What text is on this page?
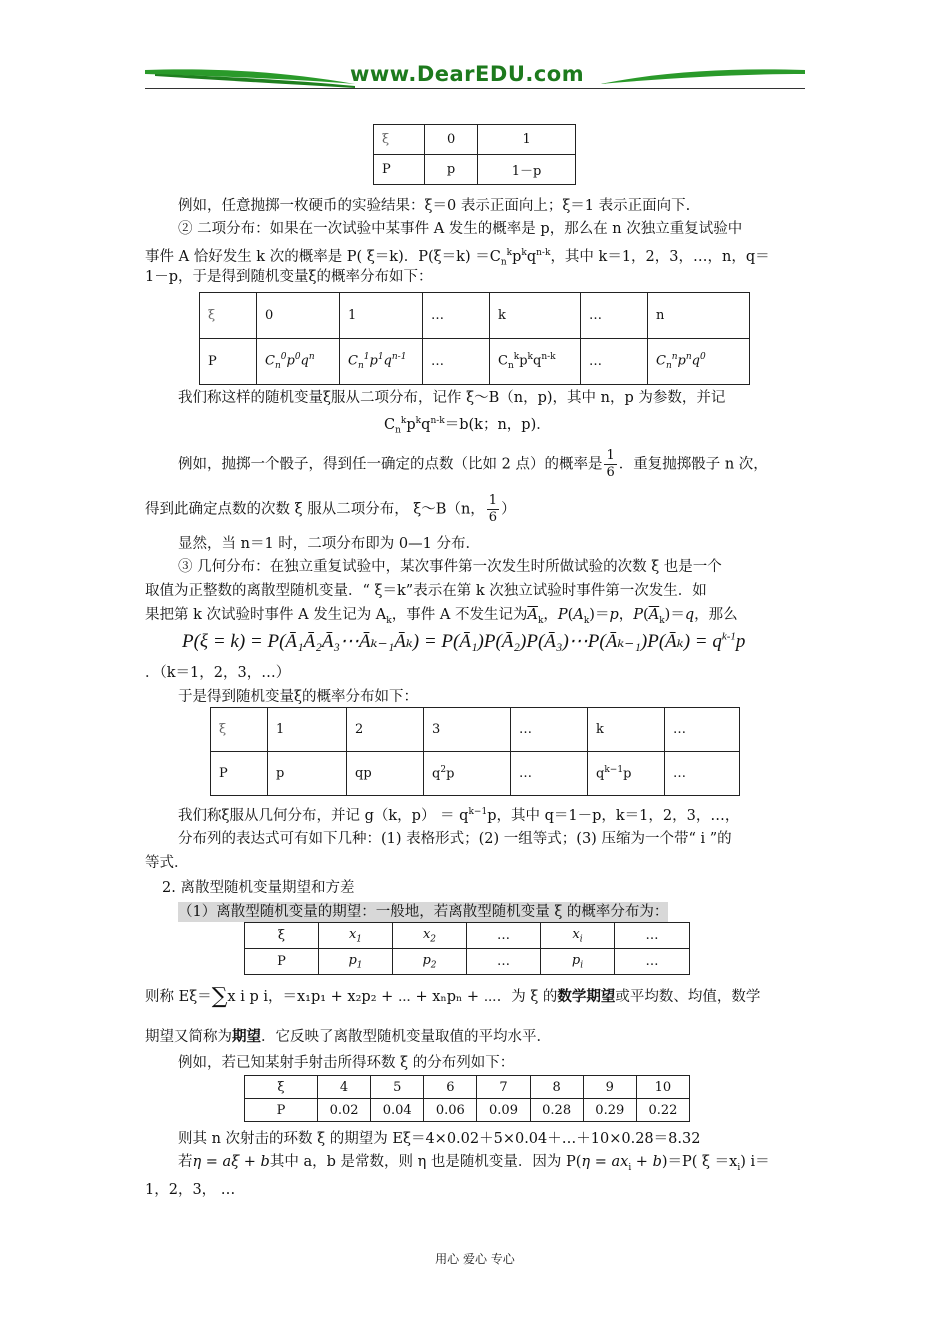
www.DearEDU.com
ξ	0	1
P	p	1－p
例如，任意抛掷一枚硬币的实验结果：ξ＝0 表示正面向上；ξ＝1 表示正面向下.
② 二项分布：如果在一次试验中某事件 A 发生的概率是 p，那么在 n 次独立重复试验中
事件 A 恰好发生 k 次的概率是 P( ξ＝k)．$P(\xi=k) =C_n^kp^kq^{n-k}$，其中 k＝1，2，3，…，n，q＝
1－p，于是得到随机变量ξ的概率分布如下：
ξ	0	1	…	k	…	n
P	$C_n^0p^0q^n$	$C_n^1p^1q^{n-1}$	…	$C_n^kp^kq^{n-k}$	…	$C_n^np^nq^0$
我们称这样的随机变量ξ服从二项分布，记作 ξ～B（n，p)，其中 n，p 为参数，并记
$C_n^kp^kq^{n-k}=b(k$；n，p)．
例如，抛掷一个骰子，得到任一确定的点数（比如 2 点）的概率是 $\frac{1}{6}$ ．重复抛掷骰子 n 次，
得到此确定点数的次数 ξ 服从二项分布， ξ～B（n， $\frac{1}{6}$ ）
显然，当 n＝1 时，二项分布即为 0—1 分布．
③ 几何分布：在独立重复试验中，某次事件第一次发生时所做试验的次数 ξ 也是一个
取值为正整数的离散型随机变量．“ ξ＝k”表示在第 k 次独立试验时事件第一次发生．如
果把第 k 次试验时事件 A 发生记为 $A_k$，事件 A 不发生记为$\overline{A}_k$，$P(A_k)=p$，$P(\overline{A}_k)=q$，那么
P(ξ = k) = P(Ā₁Ā₂Ā₃⋯Āₖ₋₁Āₖ) = P(Ā₁)P(Ā₂)P(Ā₃)⋯P(Āₖ₋₁)P(Āₖ) = $q^{k-1}p$
．（k＝1，2，3，…）
于是得到随机变量ξ的概率分布如下：
ξ	1	2	3	…	k	…
P	p	qp	$q^2p$	…	$q^{k-1}p$	…
我们称ξ服从几何分布，并记 g（k，$p) = q^{k-1}p$，其中 q＝1－p，k＝1，2，3，…，
分布列的表达式可有如下几种：(1) 表格形式；(2) 一组等式；(3) 压缩为一个带“ i ”的
等式．
2. 离散型随机变量期望和方差
（1）离散型随机变量的期望：一般地，若离散型随机变量 ξ 的概率分布为：
ξ	$x_1$	$x_2$	…	$x_i$	…
P	$p_1$	$p_2$	…	$p_i$	…
则称 Eξ＝∑x i p i，＝x₁p₁ + x₂p₂ + ⋯ + xₙpₙ + ⋯．为 ξ 的数学期望或平均数、均值，数学
期望又简称为期望．它反映了离散型随机变量取值的平均水平．
例如，若已知某射手射击所得环数 ξ 的分布列如下：
ξ	4	5	6	7	8	9	10
P	0.02	0.04	0.06	0.09	0.28	0.29	0.22
则其 n 次射击的环数 ξ 的期望为 Eξ＝4×0.02＋5×0.04＋…＋10×0.28＝8.32
若η = aξ + b其中 a，b 是常数，则 η 也是随机变量．因为 $P(\eta = ax_i + b)=P$( $\xi =x_i$) i＝
1，2，3， …
用心 爱心 专心
